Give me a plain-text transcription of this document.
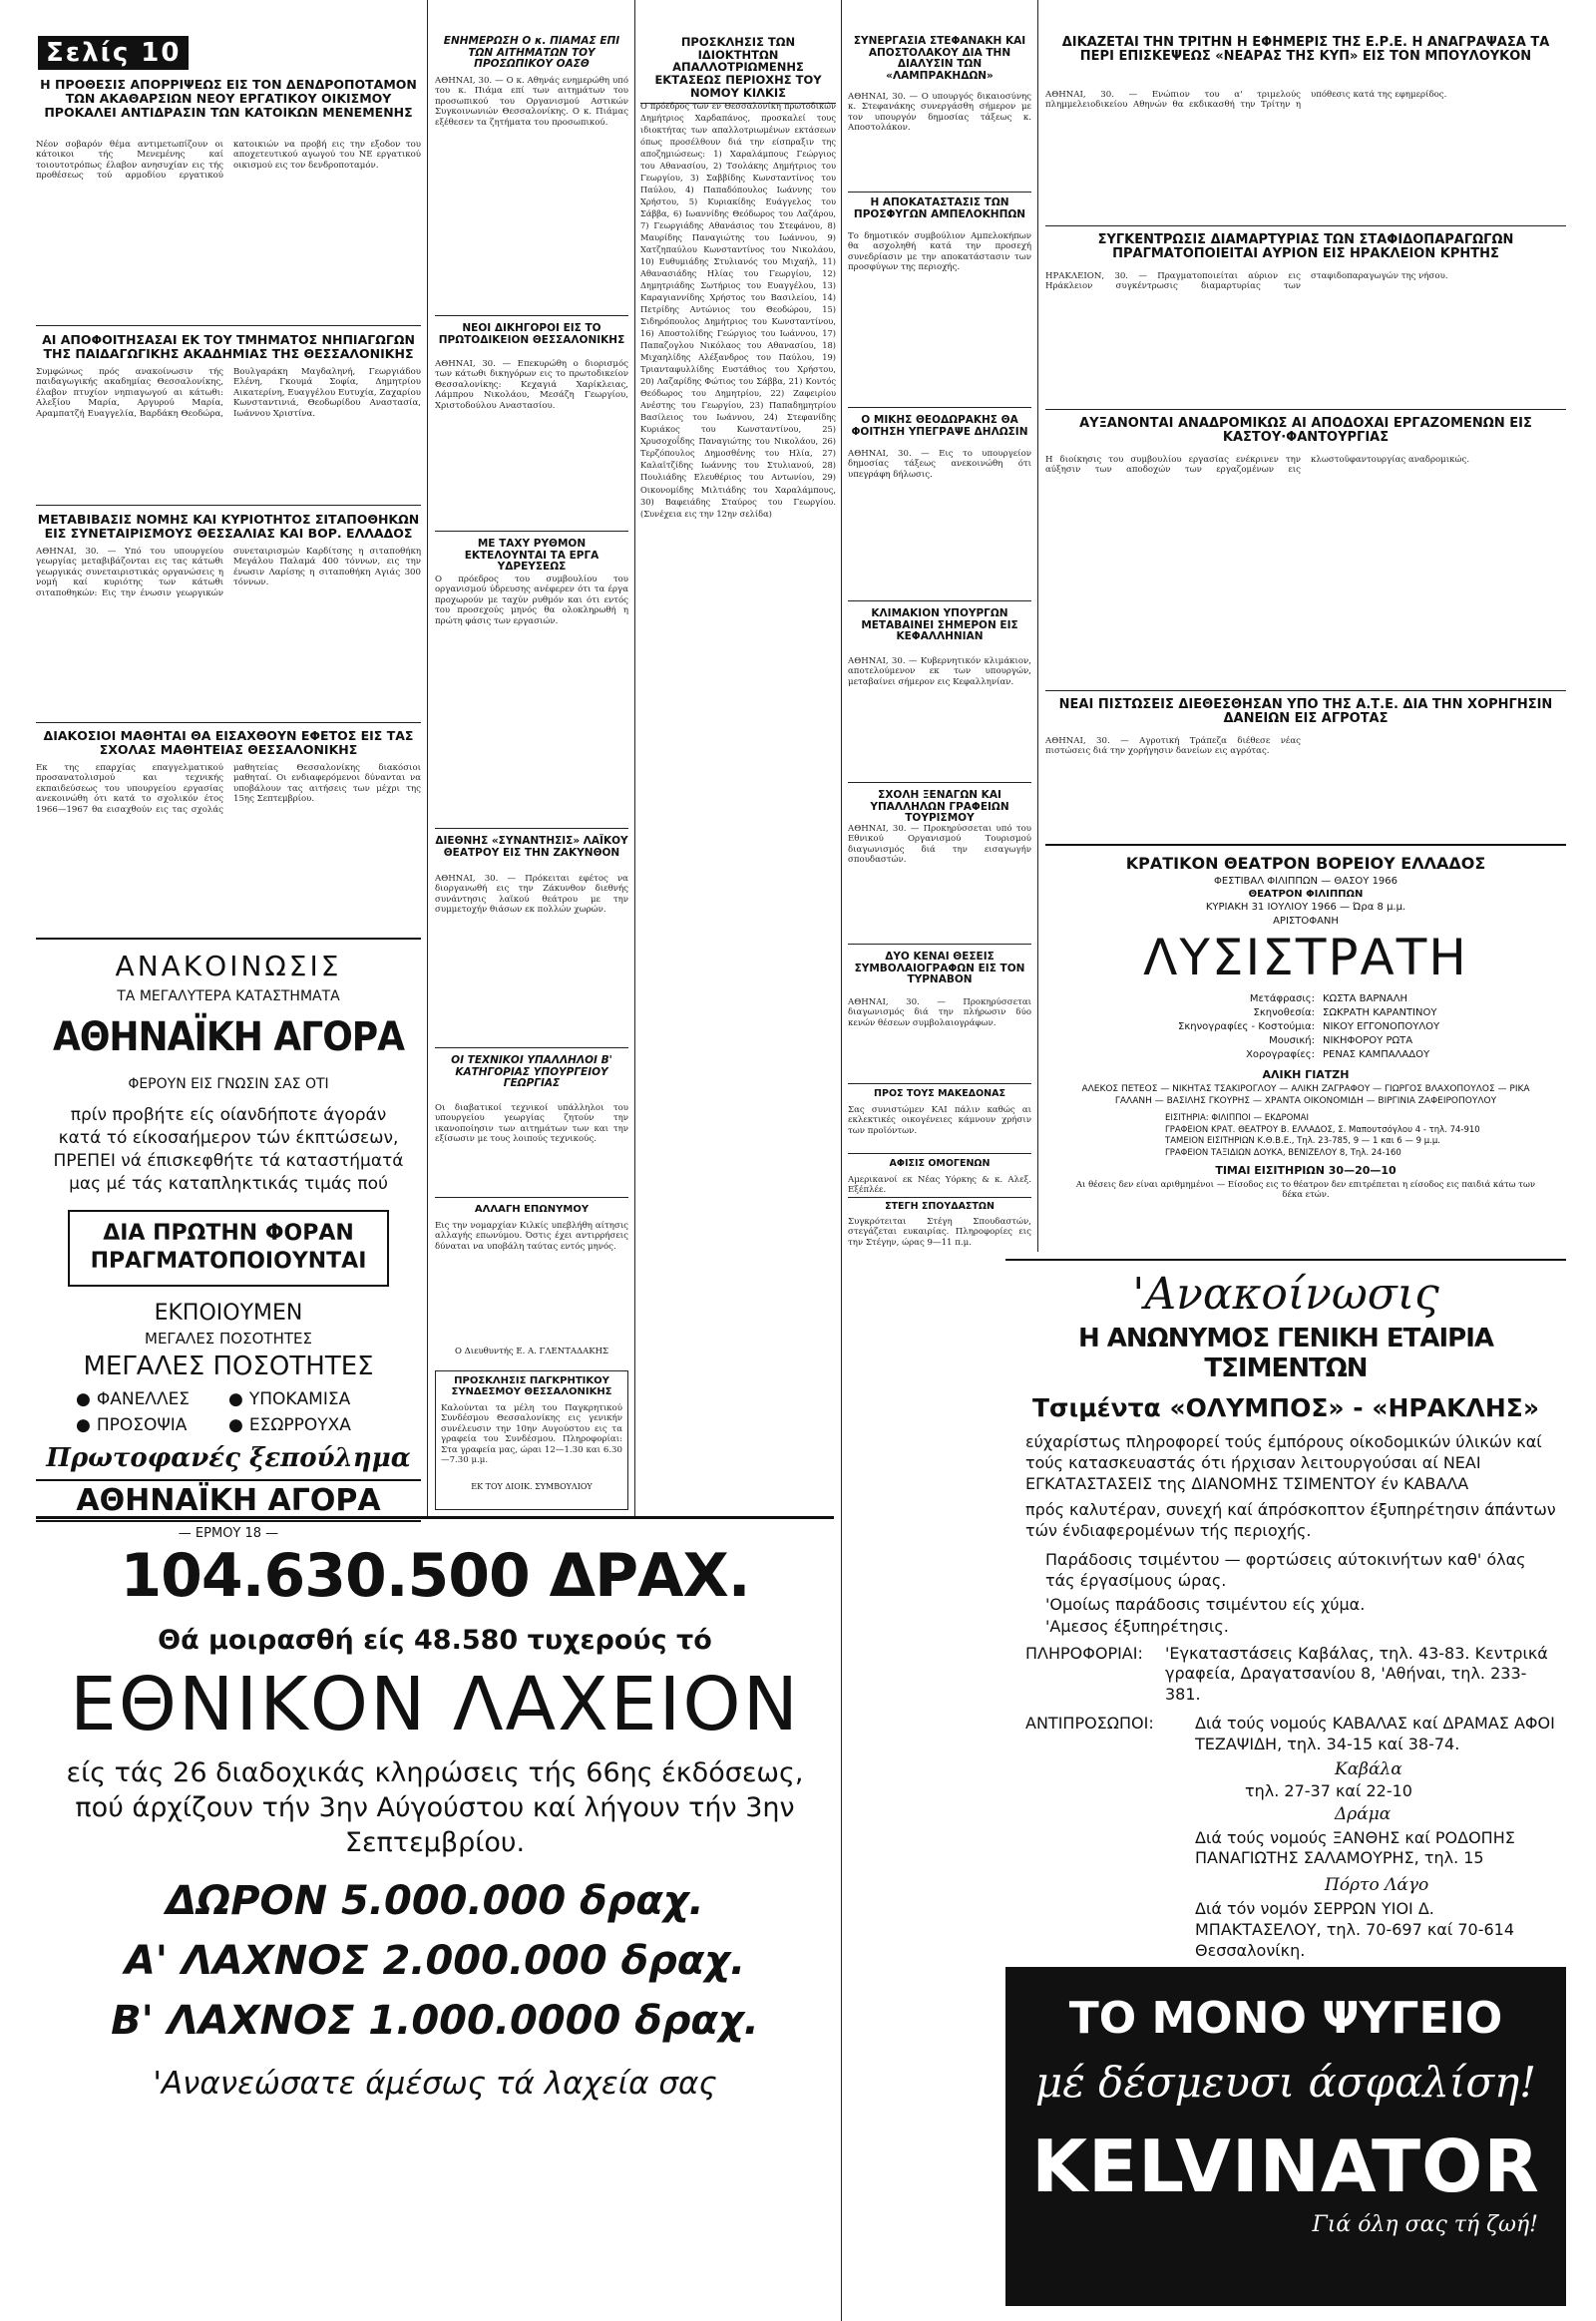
Σελίς 10
Η ΠΡΟΘΕΣΙΣ ΑΠΟΡΡΙΨΕΩΣ ΕΙΣ ΤΟΝ ΔΕΝΔΡΟΠΟΤΑΜΟΝ ΤΩΝ ΑΚΑΘΑΡΣΙΩΝ ΝΕΟΥ ΕΡΓΑΤΙΚΟΥ ΟΙΚΙΣΜΟΥ ΠΡΟΚΑΛΕΙ ΑΝΤΙΔΡΑΣΙΝ ΤΩΝ ΚΑΤΟΙΚΩΝ ΜΕΝΕΜΕΝΗΣ
Νέον σοβαρόν θέμα αντιμετωπίζουν οι κάτοικοι τής Μενεμένης καί τοιουτοτρόπως έλαβον ανησυχίαν εις τής προθέσεως τού αρμοδίου εργατικού κατοικιών να προβή εις την εξοδον του αποχετευτικού αγωγού του ΝΕ εργατικού οικισμού εις τον δενδροποταμόν.
ΑΙ ΑΠΟΦΟΙΤΗΣΑΣΑΙ ΕΚ ΤΟΥ ΤΜΗΜΑΤΟΣ ΝΗΠΙΑΓΩΓΩΝ ΤΗΣ ΠΑΙΔΑΓΩΓΙΚΗΣ ΑΚΑΔΗΜΙΑΣ ΤΗΣ ΘΕΣΣΑΛΟΝΙΚΗΣ
Συμφώνως πρός ανακοίνωσιν τής παιδαγωγικής ακαδημίας Θεσσαλονίκης, έλαβον πτυχίον νηπιαγωγού αι κάτωθι: Αλεξίου Μαρία, Αργυρού Μαρία, Αραμπατζή Ευαγγελία, Βαρδάκη Θεοδώρα, Βουλγαράκη Μαγδαληνή, Γεωργιάδου Ελένη, Γκουμά Σοφία, Δημητρίου Αικατερίνη, Ευαγγέλου Ευτυχία, Ζαχαρίου Κωνσταντινιά, Θεοδωρίδου Αναστασία, Ιωάννου Χριστίνα.
ΜΕΤΑΒΙΒΑΣΙΣ ΝΟΜΗΣ ΚΑΙ ΚΥΡΙΟΤΗΤΟΣ ΣΙΤΑΠΟΘΗΚΩΝ ΕΙΣ ΣΥΝΕΤΑΙΡΙΣΜΟΥΣ ΘΕΣΣΑΛΙΑΣ ΚΑΙ ΒΟΡ. ΕΛΛΑΔΟΣ
ΑΘΗΝΑΙ, 30. — Υπό του υπουργείου γεωργίας μεταβιβάζονται εις τας κάτωθι γεωργικάς συνεταιριστικάς οργανώσεις η νομή καί κυριότης των κάτωθι σιταποθηκών: Εις την ένωσιν γεωργικών συνεταιρισμών Καρδίτσης η σιταποθήκη Μεγάλου Παλαμά 400 τόννων, εις την ένωσιν Λαρίσης η σιταποθήκη Αγιάς 300 τόννων.
ΔΙΑΚΟΣΙΟΙ ΜΑΘΗΤΑΙ ΘΑ ΕΙΣΑΧΘΟΥΝ ΕΦΕΤΟΣ ΕΙΣ ΤΑΣ ΣΧΟΛΑΣ ΜΑΘΗΤΕΙΑΣ ΘΕΣΣΑΛΟΝΙΚΗΣ
Εκ της επαρχίας επαγγελματικού προσανατολισμού και τεχνικής εκπαιδεύσεως του υπουργείου εργασίας ανεκοινώθη ότι κατά το σχολικόν έτος 1966—1967 θα εισαχθούν εις τας σχολάς μαθητείας Θεσσαλονίκης διακόσιοι μαθηταί. Οι ενδιαφερόμενοι δύνανται να υποβάλουν τας αιτήσεις των μέχρι της 15ης Σεπτεμβρίου.
ΑΝΑΚΟΙΝΩΣΙΣ
ΤΑ ΜΕΓΑΛΥΤΕΡΑ ΚΑΤΑΣΤΗΜΑΤΑ
ΑΘΗΝΑΪΚΗ ΑΓΟΡΑ
ΦΕΡΟΥΝ ΕΙΣ ΓΝΩΣΙΝ ΣΑΣ ΟΤΙ
πρίν προβήτε είς οίανδήποτε άγοράν κατά τό είκοσαήμερον τών έκπτώσεων, ΠΡΕΠΕΙ νά έπισκεφθήτε τά καταστήματά μας μέ τάς καταπληκτικάς τιμάς πού
ΔΙΑ ΠΡΩΤΗΝ ΦΟΡΑΝ ΠΡΑΓΜΑΤΟΠΟΙΟΥΝΤΑΙ
ΕΚΠΟΙΟΥΜΕΝ
ΜΕΓΑΛΕΣ ΠΟΣΟΤΗΤΕΣ
ΜΕΓΑΛΕΣ ΠΟΣΟΤΗΤΕΣ
● ΦΑΝΕΛΛΕΣ	● ΥΠΟΚΑΜΙΣΑ
● ΠΡΟΣΟΨΙΑ	● ΕΣΩΡΡΟΥΧΑ
Πρωτοφανές ξεπούλημα
ΑΘΗΝΑΪΚΗ ΑΓΟΡΑ
— ΕΡΜΟΥ 18 —
ΕΝΗΜΕΡΩΣΗ Ο κ. ΠΙΑΜΑΣ ΕΠΙ ΤΩΝ ΑΙΤΗΜΑΤΩΝ ΤΟΥ ΠΡΟΣΩΠΙΚΟΥ ΟΑΣΘ
ΑΘΗΝΑΙ, 30. — Ο κ. Αθηνάς ενημερώθη υπό του κ. Πιάμα επί των αιτημάτων του προσωπικού του Οργανισμού Αστικών Συγκοινωνιών Θεσσαλονίκης. Ο κ. Πιάμας εξέθεσεν τα ζητήματα του προσωπικού.
ΝΕΟΙ ΔΙΚΗΓΟΡΟΙ ΕΙΣ ΤΟ ΠΡΩΤΟΔΙΚΕΙΟΝ ΘΕΣΣΑΛΟΝΙΚΗΣ
ΑΘΗΝΑΙ, 30. — Επεκυρώθη ο διορισμός των κάτωθι δικηγόρων εις το πρωτοδικείον Θεσσαλονίκης: Κεχαγιά Χαρίκλειας, Λάμπρου Νικολάου, Μεσάζη Γεωργίου, Χριστοδούλου Αναστασίου.
ΜΕ ΤΑΧΥ ΡΥΘΜΟΝ ΕΚΤΕΛΟΥΝΤΑΙ ΤΑ ΕΡΓΑ ΥΔΡΕΥΣΕΩΣ
Ο πρόεδρος του συμβουλίου του οργανισμού ύδρευσης ανέφερεν ότι τα έργα προχωρούν με ταχύν ρυθμόν και ότι εντός του προσεχούς μηνός θα ολοκληρωθή η πρώτη φάσις των εργασιών.
ΔΙΕΘΝΗΣ «ΣΥΝΑΝΤΗΣΙΣ» ΛΑΪΚΟΥ ΘΕΑΤΡΟΥ ΕΙΣ ΤΗΝ ΖΑΚΥΝΘΟΝ
ΑΘΗΝΑΙ, 30. — Πρόκειται εφέτος να διοργανωθή εις την Ζάκυνθον διεθνής συνάντησις λαϊκού θεάτρου με την συμμετοχήν θιάσων εκ πολλών χωρών.
ΟΙ ΤΕΧΝΙΚΟΙ ΥΠΑΛΛΗΛΟΙ Β' ΚΑΤΗΓΟΡΙΑΣ ΥΠΟΥΡΓΕΙΟΥ ΓΕΩΡΓΙΑΣ
Οι διαβατικοί τεχνικοί υπάλληλοι του υπουργείου γεωργίας ζητούν την ικανοποίησιν των αιτημάτων των και την εξίσωσιν με τους λοιπούς τεχνικούς.
ΑΛΛΑΓΗ ΕΠΩΝΥΜΟΥ
Εις την νομαρχίαν Κιλκίς υπεβλήθη αίτησις αλλαγής επωνύμου. Όστις έχει αντιρρήσεις δύναται να υποβάλη ταύτας εντός μηνός.
Ο Διευθυντής Ε. Α. ΓΛΕΝΤΑΔΑΚΗΣ
ΠΡΟΣΚΛΗΣΙΣ ΠΑΓΚΡΗΤΙΚΟΥ ΣΥΝΔΕΣΜΟΥ ΘΕΣΣΑΛΟΝΙΚΗΣ
Καλούνται τα μέλη του Παγκρητικού Συνδέσμου Θεσσαλονίκης εις γενικήν συνέλευσιν την 10ην Αυγούστου εις τα γραφεία του Συνδέσμου. Πληροφορίαι: Στα γραφεία μας, ώραι 12—1.30 και 6.30—7.30 μ.μ.
ΕΚ ΤΟΥ ΔΙΟΙΚ. ΣΥΜΒΟΥΛΙΟΥ
ΠΡΟΣΚΛΗΣΙΣ ΤΩΝ ΙΔΙΟΚΤΗΤΩΝ ΑΠΑΛΛΟΤΡΙΩΜΕΝΗΣ ΕΚΤΑΣΕΩΣ ΠΕΡΙΟΧΗΣ ΤΟΥ ΝΟΜΟΥ ΚΙΛΚΙΣ
Ο πρόεδρος των εν Θεσσαλονίκη πρωτοδικών Δημήτριος Χαρδαπάνος, προσκαλεί τους ιδιοκτήτας των απαλλοτριωμένων εκτάσεων όπως προσέλθουν διά την είσπραξιν της αποζημιώσεως: 1) Χαραλάμπους Γεώργιος του Αθανασίου, 2) Τσολάκης Δημήτριος του Γεωργίου, 3) Σαββίδης Κωνσταντίνος του Παύλου, 4) Παπαδόπουλος Ιωάννης του Χρήστου, 5) Κυριακίδης Ευάγγελος του Σάββα, 6) Ιωαννίδης Θεόδωρος του Λαζάρου, 7) Γεωργιάδης Αθανάσιος του Στεφάνου, 8) Μαυρίδης Παναγιώτης του Ιωάννου, 9) Χατζηπαύλου Κωνσταντίνος του Νικολάου, 10) Ευθυμιάδης Στυλιανός του Μιχαήλ, 11) Αθανασιάδης Ηλίας του Γεωργίου, 12) Δημητριάδης Σωτήριος του Ευαγγέλου, 13) Καραγιαννίδης Χρήστος του Βασιλείου, 14) Πετρίδης Αντώνιος του Θεοδώρου, 15) Σιδηρόπουλος Δημήτριος του Κωνσταντίνου, 16) Αποστολίδης Γεώργιος του Ιωάννου, 17) Παπαζογλου Νικόλαος του Αθανασίου, 18) Μιχαηλίδης Αλέξανδρος του Παύλου, 19) Τριανταφυλλίδης Ευστάθιος του Χρήστου, 20) Λαζαρίδης Φώτιος του Σάββα, 21) Κοντός Θεόδωρος του Δημητρίου, 22) Ζαφειρίου Ανέστης του Γεωργίου, 23) Παπαδημητρίου Βασίλειος του Ιωάννου, 24) Στεφανίδης Κυριάκος του Κωνσταντίνου, 25) Χρυσοχοΐδης Παναγιώτης του Νικολάου, 26) Τερζόπουλος Δημοσθένης του Ηλία, 27) Καλαϊτζίδης Ιωάννης του Στυλιανού, 28) Πουλιάδης Ελευθέριος του Αντωνίου, 29) Οικονομίδης Μιλτιάδης του Χαραλάμπους, 30) Βαφειάδης Σταύρος του Γεωργίου. (Συνέχεια εις την 12ην σελίδα)
ΣΥΝΕΡΓΑΣΙΑ ΣΤΕΦΑΝΑΚΗ ΚΑΙ ΑΠΟΣΤΟΛΑΚΟΥ ΔΙΑ ΤΗΝ ΔΙΑΛΥΣΙΝ ΤΩΝ «ΛΑΜΠΡΑΚΗΔΩΝ»
ΑΘΗΝΑΙ, 30. — Ο υπουργός δικαιοσύνης κ. Στεφανάκης συνεργάσθη σήμερον με τον υπουργόν δημοσίας τάξεως κ. Αποστολάκον.
Η ΑΠΟΚΑΤΑΣΤΑΣΙΣ ΤΩΝ ΠΡΟΣΦΥΓΩΝ ΑΜΠΕΛΟΚΗΠΩΝ
Το δημοτικόν συμβούλιον Αμπελοκήπων θα ασχοληθή κατά την προσεχή συνεδρίασιν με την αποκατάστασιν των προσφύγων της περιοχής.
Ο ΜΙΚΗΣ ΘΕΟΔΩΡΑΚΗΣ ΘΑ ΦΟΙΤΗΣΗ ΥΠΕΓΡΑΨΕ ΔΗΛΩΣΙΝ
ΑΘΗΝΑΙ, 30. — Εις το υπουργείον δημοσίας τάξεως ανεκοινώθη ότι υπεγράφη δήλωσις.
ΚΛΙΜΑΚΙΟΝ ΥΠΟΥΡΓΩΝ ΜΕΤΑΒΑΙΝΕΙ ΣΗΜΕΡΟΝ ΕΙΣ ΚΕΦΑΛΛΗΝΙΑΝ
ΑΘΗΝΑΙ, 30. — Κυβερνητικόν κλιμάκιον, αποτελούμενον εκ των υπουργών, μεταβαίνει σήμερον εις Κεφαλληνίαν.
ΣΧΟΛΗ ΞΕΝΑΓΩΝ ΚΑΙ ΥΠΑΛΛΗΛΩΝ ΓΡΑΦΕΙΩΝ ΤΟΥΡΙΣΜΟΥ
ΑΘΗΝΑΙ, 30. — Προκηρύσσεται υπό του Εθνικού Οργανισμού Τουρισμού διαγωνισμός διά την εισαγωγήν σπουδαστών.
ΔΥΟ ΚΕΝΑΙ ΘΕΣΕΙΣ ΣΥΜΒΟΛΑΙΟΓΡΑΦΩΝ ΕΙΣ ΤΟΝ ΤΥΡΝΑΒΟΝ
ΑΘΗΝΑΙ, 30. — Προκηρύσσεται διαγωνισμός διά την πλήρωσιν δύο κενών θέσεων συμβολαιογράφων.
ΠΡΟΣ ΤΟΥΣ ΜΑΚΕΔΟΝΑΣ
Σας συνιστώμεν ΚΑΙ πάλιν καθώς αι εκλεκτικές οικογένειες κάμνουν χρήσιν των προϊόντων.
ΑΦΙΣΙΣ ΟΜΟΓΕΝΩΝ
Αμερικανοί εκ Νέας Υόρκης & κ. Αλεξ. Εξέπλέε.
ΣΤΕΓΗ ΣΠΟΥΔΑΣΤΩΝ
Συγκρότειται Στέγη Σπουδαστών, στεγάζεται ευκαιρίας. Πληροφορίες εις την Στέγην, ώρας 9—11 π.μ.
ΔΙΚΑΖΕΤΑΙ ΤΗΝ ΤΡΙΤΗΝ Η ΕΦΗΜΕΡΙΣ ΤΗΣ Ε.Ρ.Ε. Η ΑΝΑΓΡΑΨΑΣΑ ΤΑ ΠΕΡΙ ΕΠΙΣΚΕΨΕΩΣ «ΝΕΑΡΑΣ ΤΗΣ ΚΥΠ» ΕΙΣ ΤΟΝ ΜΠΟΥΛΟΥΚΟΝ
ΑΘΗΝΑΙ, 30. — Ενώπιον του α' τριμελούς πλημμελειοδικείου Αθηνών θα εκδικασθή την Τρίτην η υπόθεσις κατά της εφημερίδος.
ΣΥΓΚΕΝΤΡΩΣΙΣ ΔΙΑΜΑΡΤΥΡΙΑΣ ΤΩΝ ΣΤΑΦΙΔΟΠΑΡΑΓΩΓΩΝ ΠΡΑΓΜΑΤΟΠΟΙΕΙΤΑΙ ΑΥΡΙΟΝ ΕΙΣ ΗΡΑΚΛΕΙΟΝ ΚΡΗΤΗΣ
ΗΡΑΚΛΕΙΟΝ, 30. — Πραγματοποιείται αύριον εις Ηράκλειον συγκέντρωσις διαμαρτυρίας των σταφιδοπαραγωγών της νήσου.
ΑΥΞΑΝΟΝΤΑΙ ΑΝΑΔΡΟΜΙΚΩΣ ΑΙ ΑΠΟΔΟΧΑΙ ΕΡΓΑΖΟΜΕΝΩΝ ΕΙΣ ΚΑΣΤΟΥ·ΦΑΝΤΟΥΡΓΙΑΣ
Η διοίκησις του συμβουλίου εργασίας ενέκρινεν την αύξησιν των αποδοχών των εργαζομένων εις κλωστοϋφαντουργίας αναδρομικώς.
ΝΕΑΙ ΠΙΣΤΩΣΕΙΣ ΔΙΕΘΕΣΘΗΣΑΝ ΥΠΟ ΤΗΣ Α.Τ.Ε. ΔΙΑ ΤΗΝ ΧΟΡΗΓΗΣΙΝ ΔΑΝΕΙΩΝ ΕΙΣ ΑΓΡΟΤΑΣ
ΑΘΗΝΑΙ, 30. — Αγροτική Τράπεζα διέθεσε νέας πιστώσεις διά την χορήγησιν δανείων εις αγρότας.
ΚΡΑΤΙΚΟΝ ΘΕΑΤΡΟΝ ΒΟΡΕΙΟΥ ΕΛΛΑΔΟΣ
ΦΕΣΤΙΒΑΛ ΦΙΛΙΠΠΩΝ — ΘΑΣΟΥ 1966
ΘΕΑΤΡΟΝ ΦΙΛΙΠΠΩΝ
ΚΥΡΙΑΚΗ 31 ΙΟΥΛΙΟΥ 1966 — Ώρα 8 μ.μ.
ΑΡΙΣΤΟΦΑΝΗ
ΛΥΣΙΣΤΡΑΤΗ
Μετάφρασις: ΚΩΣΤΑ ΒΑΡΝΑΛΗ
Σκηνοθεσία: ΣΩΚΡΑΤΗ ΚΑΡΑΝΤΙΝΟΥ
Σκηνογραφίες - Κοστούμια: ΝΙΚΟΥ ΕΓΓΟΝΟΠΟΥΛΟΥ
Μουσική: ΝΙΚΗΦΟΡΟΥ ΡΩΤΑ
Χορογραφίες: ΡΕΝΑΣ ΚΑΜΠΑΛΑΔΟΥ
ΑΛΙΚΗ ΓΙΑΤΖΗ
ΑΛΕΚΟΣ ΠΕΤΕΟΣ — ΝΙΚΗΤΑΣ ΤΣΑΚΙΡΟΓΛΟΥ — ΑΛΙΚΗ ΖΑΓΡΑΦΟΥ — ΓΙΩΡΓΟΣ ΒΛΑΧΟΠΟΥΛΟΣ — ΡΙΚΑ ΓΑΛΑΝΗ — ΒΑΣΙΛΗΣ ΓΚΟΥΡΗΣ — ΧΡΑΝΤΑ ΟΙΚΟΝΟΜΙΔΗ — ΒΙΡΓΙΝΙΑ ΖΑΦΕΙΡΟΠΟΥΛΟΥ
ΕΙΣΙΤΗΡΙΑ: ΦΙΛΙΠΠΟΙ — ΕΚΔΡΟΜΑΙ
ΓΡΑΦΕΙΟΝ ΚΡΑΤ. ΘΕΑΤΡΟΥ Β. ΕΛΛΑΔΟΣ, Σ. Μαπουτσόγλου 4 - τηλ. 74-910
ΤΑΜΕΙΟΝ ΕΙΣΙΤΗΡΙΩΝ Κ.Θ.Β.Ε., Τηλ. 23-785, 9 — 1 και 6 — 9 μ.μ.
ΓΡΑΦΕΙΟΝ ΤΑΞΙΔΙΩΝ ΔΟΥΚΑ, ΒΕΝΙΖΕΛΟΥ 8, Τηλ. 24-160
ΤΙΜΑΙ ΕΙΣΙΤΗΡΙΩΝ 30—20—10
Αι θέσεις δεν είναι αριθμημένοι — Είσοδος εις το θέατρον δεν επιτρέπεται η είσοδος εις παιδιά κάτω των δέκα ετών.
104.630.500 ΔΡΑΧ.
Θά μοιρασθή είς 48.580 τυχερούς τό
ΕΘΝΙΚΟΝ ΛΑΧΕΙΟΝ
είς τάς 26 διαδοχικάς κληρώσεις τής 66ης έκδόσεως, πού άρχίζουν τήν 3ην Αύγούστου καί λήγουν τήν 3ην Σεπτεμβρίου.
ΔΩΡΟΝ 5.000.000 δραχ.
Α' ΛΑΧΝΟΣ 2.000.000 δραχ.
Β' ΛΑΧΝΟΣ 1.000.0000 δραχ.
'Ανανεώσατε άμέσως τά λαχεία σας
'Ανακοίνωσις
Η ΑΝΩΝΥΜΟΣ ΓΕΝΙΚΗ ΕΤΑΙΡΙΑ ΤΣΙΜΕΝΤΩΝ
Τσιμέντα «ΟΛΥΜΠΟΣ» - «ΗΡΑΚΛΗΣ»
εύχαρίστως πληροφορεί τούς έμπόρους οίκοδομικών ύλικών καί τούς κατασκευαστάς ότι ήρχισαν λειτουργούσαι αί ΝΕΑΙ ΕΓΚΑΤΑΣΤΑΣΕΙΣ της ΔΙΑΝΟΜΗΣ ΤΣΙΜΕΝΤΟΥ έν ΚΑΒΑΛΑ
πρός καλυτέραν, συνεχή καί άπρόσκοπτον έξυπηρέτησιν άπάντων τών ένδιαφερομένων τής περιοχής.
Παράδοσις τσιμέντου — φορτώσεις αύτοκινήτων καθ' όλας τάς έργασίμους ώρας.
'Ομοίως παράδοσις τσιμέντου είς χύμα.
'Αμεσος έξυπηρέτησις.
ΠΛΗΡΟΦΟΡΙΑΙ:	'Εγκαταστάσεις Καβάλας, τηλ. 43-83. Κεντρικά γραφεία, Δραγατσανίου 8, 'Αθήναι, τηλ. 233-381.
ΑΝΤΙΠΡΟΣΩΠΟΙ:	Διά τούς νομούς ΚΑΒΑΛΑΣ καί ΔΡΑΜΑΣ ΑΦΟΙ ΤΕΖΑΨΙΔΗ, τηλ. 34-15 καί 38-74.
Καβάλα
τηλ. 27-37 καί 22-10
Δράμα
Διά τούς νομούς ΞΑΝΘΗΣ καί ΡΟΔΟΠΗΣ ΠΑΝΑΓΙΩΤΗΣ ΣΑΛΑΜΟΥΡΗΣ, τηλ. 15
Πόρτο Λάγο
Διά τόν νομόν ΣΕΡΡΩΝ ΥΙΟΙ Δ. ΜΠΑΚΤΑΣΕΛΟΥ, τηλ. 70-697 καί 70-614 Θεσσαλονίκη.
ΤΟ ΜΟΝΟ ΨΥΓΕΙΟ
μέ δέσμευσι άσφαλίση!
KELVINATOR
Γιά όλη σας τή ζωή!
